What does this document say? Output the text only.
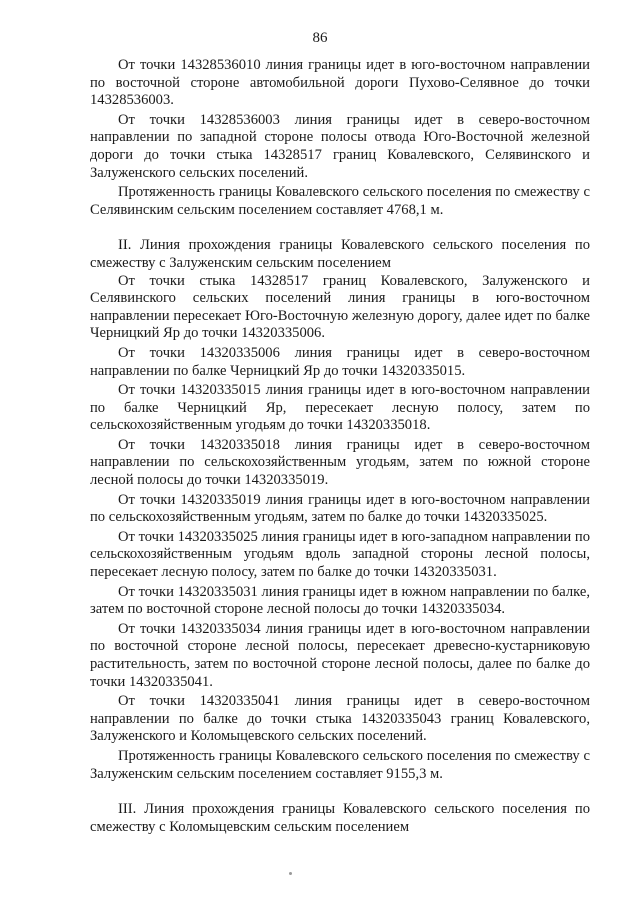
86

От точки 14328536010 линия границы идет в юго-восточном направлении по восточной стороне автомобильной дороги Пухово-Селявное до точки 14328536003.

От точки 14328536003 линия границы идет в северо-восточном направлении по западной стороне полосы отвода Юго-Восточной железной дороги до точки стыка 14328517 границ Ковалевского, Селявинского и Залуженского сельских поселений.

Протяженность границы Ковалевского сельского поселения по смежеству с Селявинским сельским поселением составляет 4768,1 м.

II. Линия прохождения границы Ковалевского сельского поселения по смежеству с Залуженским сельским поселением

От точки стыка 14328517 границ Ковалевского, Залуженского и Селявинского сельских поселений линия границы в юго-восточном направлении пересекает Юго-Восточную железную дорогу, далее идет по балке Черницкий Яр до точки 14320335006.

От точки 14320335006 линия границы идет в северо-восточном направлении по балке Черницкий Яр до точки 14320335015.

От точки 14320335015 линия границы идет в юго-восточном направлении по балке Черницкий Яр, пересекает лесную полосу, затем по сельскохозяйственным угодьям до точки 14320335018.

От точки 14320335018 линия границы идет в северо-восточном направлении по сельскохозяйственным угодьям, затем по южной стороне лесной полосы до точки 14320335019.

От точки 14320335019 линия границы идет в юго-восточном направлении по сельскохозяйственным угодьям, затем по балке до точки 14320335025.

От точки 14320335025 линия границы идет в юго-западном направлении по сельскохозяйственным угодьям вдоль западной стороны лесной полосы, пересекает лесную полосу, затем по балке до точки 14320335031.

От точки 14320335031 линия границы идет в южном направлении по балке, затем по восточной стороне лесной полосы до точки 14320335034.

От точки 14320335034 линия границы идет в юго-восточном направлении по восточной стороне лесной полосы, пересекает древесно-кустарниковую растительность, затем по восточной стороне лесной полосы, далее по балке до точки 14320335041.

От точки 14320335041 линия границы идет в северо-восточном направлении по балке до точки стыка 14320335043 границ Ковалевского, Залуженского и Коломыцевского сельских поселений.

Протяженность границы Ковалевского сельского поселения по смежеству с Залуженским сельским поселением составляет 9155,3 м.

III. Линия прохождения границы Ковалевского сельского поселения по смежеству с Коломыцевским сельским поселением
